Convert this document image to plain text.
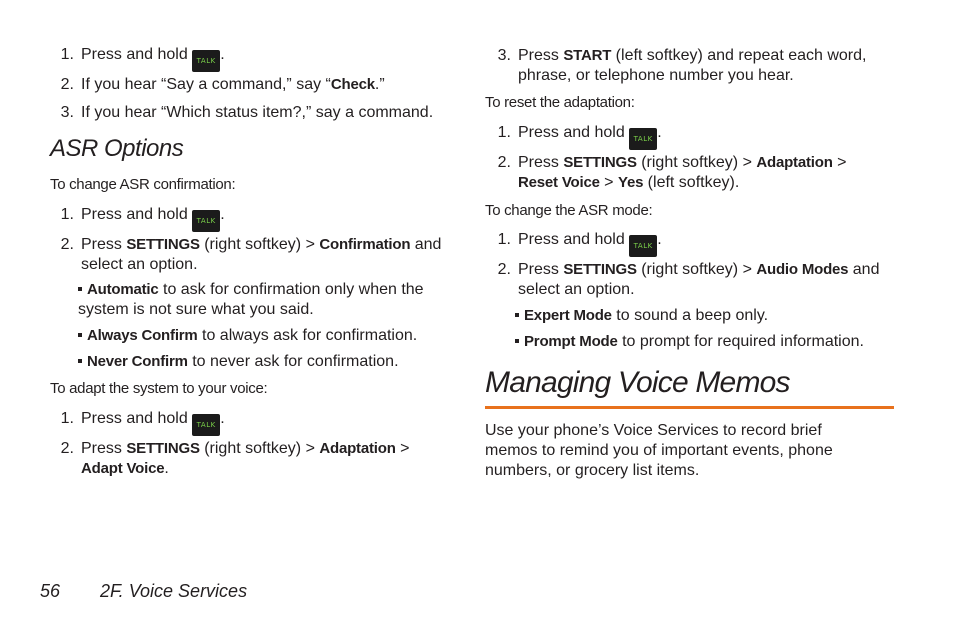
1. Press and hold TALK .
2. If you hear “Say a command,” say “Check.”
3. If you hear “Which status item?,” say a command.
ASR Options
To change ASR confirmation:
1. Press and hold TALK .
2. Press SETTINGS (right softkey) > Confirmation and select an option.
Automatic to ask for confirmation only when the system is not sure what you said.
Always Confirm to always ask for confirmation.
Never Confirm to never ask for confirmation.
To adapt the system to your voice:
1. Press and hold TALK .
2. Press SETTINGS (right softkey) > Adaptation > Adapt Voice.
3. Press START (left softkey) and repeat each word, phrase, or telephone number you hear.
To reset the adaptation:
1. Press and hold TALK .
2. Press SETTINGS (right softkey) > Adaptation > Reset Voice > Yes (left softkey).
To change the ASR mode:
1. Press and hold TALK .
2. Press SETTINGS (right softkey) > Audio Modes and select an option.
Expert Mode to sound a beep only.
Prompt Mode to prompt for required information.
Managing Voice Memos
Use your phone’s Voice Services to record brief memos to remind you of important events, phone numbers, or grocery list items.
56 2F. Voice Services
